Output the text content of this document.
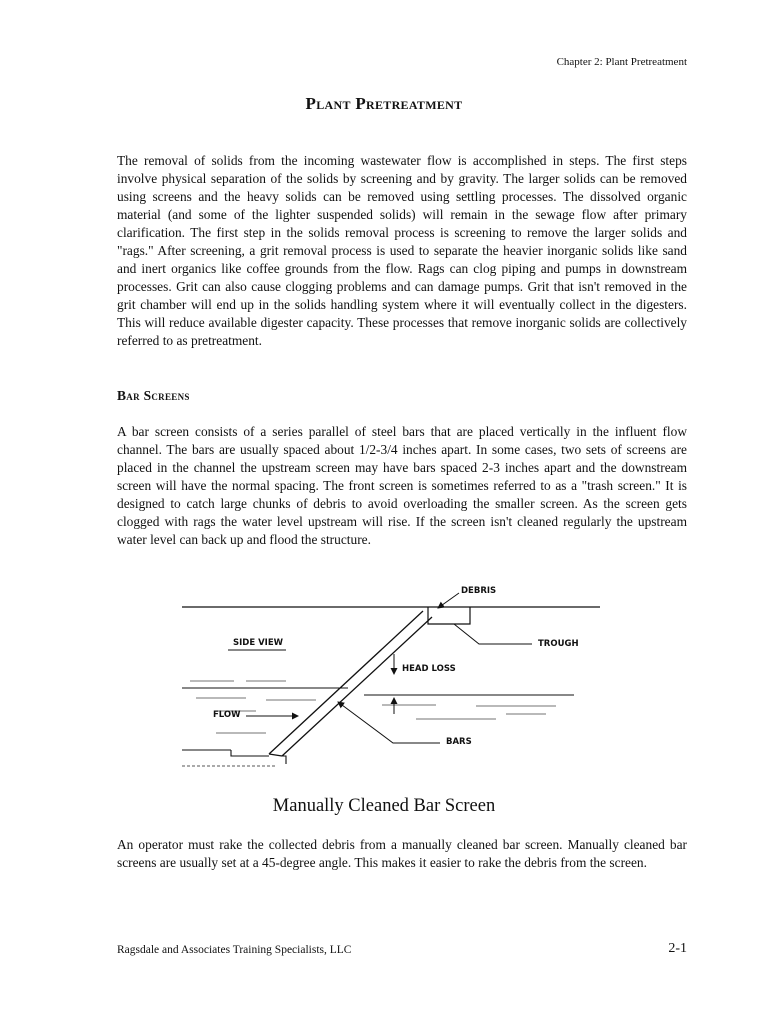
Chapter 2: Plant Pretreatment
Plant Pretreatment

The removal of solids from the incoming wastewater flow is accomplished in steps. The first steps involve physical separation of the solids by screening and by gravity. The larger solids can be removed using screens and the heavy solids can be removed using settling processes. The dissolved organic material (and some of the lighter suspended solids) will remain in the sewage flow after primary clarification. The first step in the solids removal process is screening to remove the larger solids and "rags." After screening, a grit removal process is used to separate the heavier inorganic solids like sand and inert organics like coffee grounds from the flow. Rags can clog piping and pumps in downstream processes. Grit can also cause clogging problems and can damage pumps. Grit that isn't removed in the grit chamber will end up in the solids handling system where it will eventually collect in the digesters. This will reduce available digester capacity. These processes that remove inorganic solids are collectively referred to as pretreatment.

Bar Screens

A bar screen consists of a series parallel of steel bars that are placed vertically in the influent flow channel. The bars are usually spaced about 1/2-3/4 inches apart. In some cases, two sets of screens are placed in the channel the upstream screen may have bars spaced 2-3 inches apart and the downstream screen will have the normal spacing. The front screen is sometimes referred to as a "trash screen." It is designed to catch large chunks of debris to avoid overloading the smaller screen. As the screen gets clogged with rags the water level upstream will rise. If the screen isn't cleaned regularly the upstream water level can back up and flood the structure.

DEBRIS
SIDE VIEW	TROUGH
HEAD LOSS
FLOW
BARS
Manually Cleaned Bar Screen

An operator must rake the collected debris from a manually cleaned bar screen. Manually cleaned bar screens are usually set at a 45-degree angle. This makes it easier to rake the debris from the screen.

Ragsdale and Associates Training Specialists, LLC	2-1
